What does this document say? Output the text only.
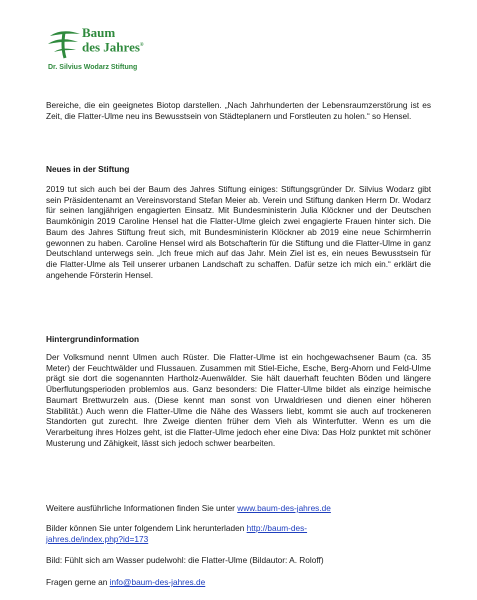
Baum
des Jahres®
Dr. Silvius Wodarz Stiftung
Bereiche, die ein geeignetes Biotop darstellen. „Nach Jahrhunderten der Lebensraumzerstörung ist es Zeit, die Flatter-Ulme neu ins Bewusstsein von Städteplanern und Forstleuten zu holen.“ so Hensel.
Neues in der Stiftung
2019 tut sich auch bei der Baum des Jahres Stiftung einiges: Stiftungsgründer Dr. Silvius Wodarz gibt sein Präsidentenamt an Vereinsvorstand Stefan Meier ab. Verein und Stiftung danken Herrn Dr. Wodarz für seinen langjährigen engagierten Einsatz. Mit Bundesministerin Julia Klöckner und der Deutschen Baumkönigin 2019 Caroline Hensel hat die Flatter-Ulme gleich zwei engagierte Frauen hinter sich. Die Baum des Jahres Stiftung freut sich, mit Bundesministerin Klöckner ab 2019 eine neue Schirmherrin gewonnen zu haben. Caroline Hensel wird als Botschafterin für die Stiftung und die Flatter-Ulme in ganz Deutschland unterwegs sein. „Ich freue mich auf das Jahr. Mein Ziel ist es, ein neues Bewusstsein für die Flatter-Ulme als Teil unserer urbanen Landschaft zu schaffen. Dafür setze ich mich ein.“ erklärt die angehende Försterin Hensel.
Hintergrundinformation
Der Volksmund nennt Ulmen auch Rüster. Die Flatter-Ulme ist ein hochgewachsener Baum (ca. 35 Meter) der Feuchtwälder und Flussauen. Zusammen mit Stiel-Eiche, Esche, Berg-Ahorn und Feld-Ulme prägt sie dort die sogenannten Hartholz-Auenwälder. Sie hält dauerhaft feuchten Böden und längere Überflutungsperioden problemlos aus. Ganz besonders: Die Flatter-Ulme bildet als einzige heimische Baumart Brettwurzeln aus. (Diese kennt man sonst von Urwaldriesen und dienen einer höheren Stabilität.) Auch wenn die Flatter-Ulme die Nähe des Wassers liebt, kommt sie auch auf trockeneren Standorten gut zurecht. Ihre Zweige dienten früher dem Vieh als Winterfutter. Wenn es um die Verarbeitung ihres Holzes geht, ist die Flatter-Ulme jedoch eher eine Diva: Das Holz punktet mit schöner Musterung und Zähigkeit, lässt sich jedoch schwer bearbeiten.
Weitere ausführliche Informationen finden Sie unter www.baum-des-jahres.de
Bilder können Sie unter folgendem Link herunterladen http://baum-des-jahres.de/index.php?id=173
Bild: Fühlt sich am Wasser pudelwohl: die Flatter-Ulme (Bildautor: A. Roloff)
Fragen gerne an info@baum-des-jahres.de
